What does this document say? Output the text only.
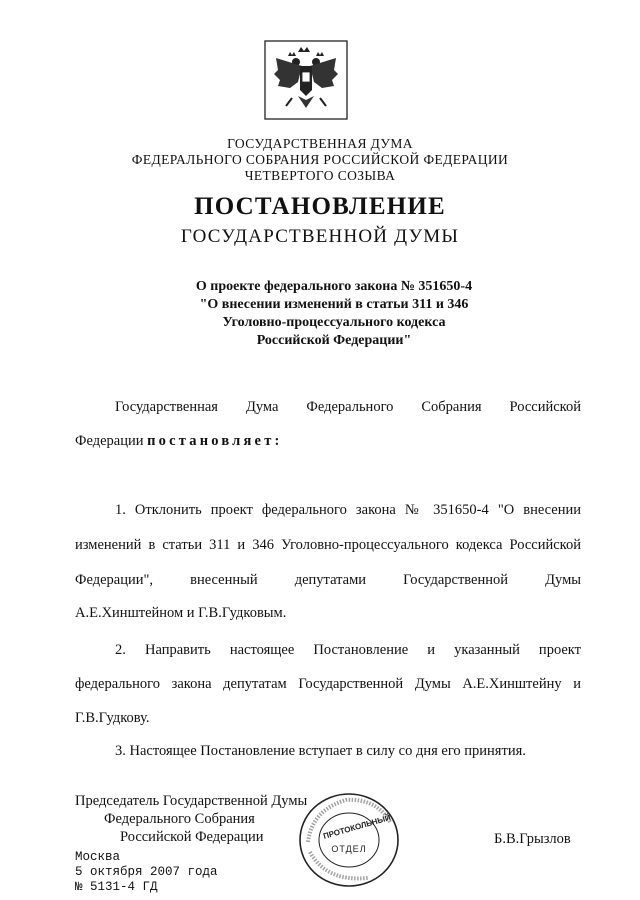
ГОСУДАРСТВЕННАЯ ДУМА
ФЕДЕРАЛЬНОГО СОБРАНИЯ РОССИЙСКОЙ ФЕДЕРАЦИИ
ЧЕТВЕРТОГО СОЗЫВА
ПОСТАНОВЛЕНИЕ
ГОСУДАРСТВЕННОЙ ДУМЫ
О проекте федерального закона № 351650-4
"О внесении изменений в статьи 311 и 346
Уголовно-процессуального кодекса
Российской Федерации"
Государственная Дума Федерального Собрания Российской
Федерации постановляет:
1. Отклонить проект федерального закона № 351650-4 "О внесении
изменений в статьи 311 и 346 Уголовно-процессуального кодекса Российской
Федерации", внесенный депутатами Государственной Думы
А.Е.Хинштейном и Г.В.Гудковым.
2. Направить настоящее Постановление и указанный проект
федерального закона депутатам Государственной Думы А.Е.Хинштейну и
Г.В.Гудкову.
3. Настоящее Постановление вступает в силу со дня его принятия.
Председатель Государственной Думы
Федерального Собрания
Российской Федерации	Б.В.Грызлов
ПРОТОКОЛЬНЫЙ
ОТДЕЛ
Москва
5 октября 2007 года
№ 5131-4 ГД
